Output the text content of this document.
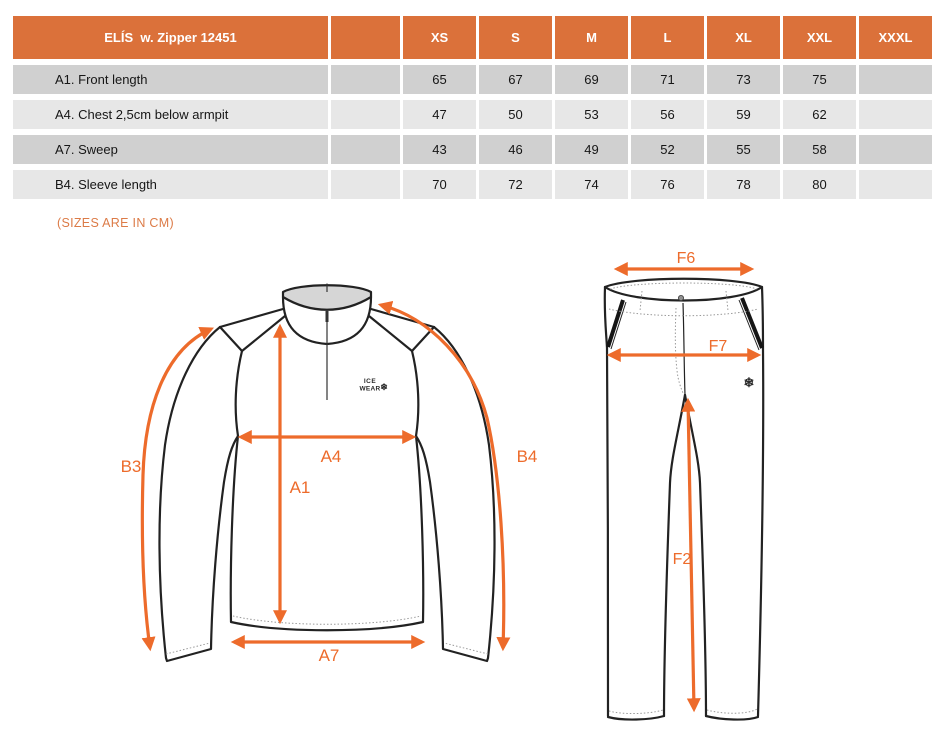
ELÍS  w. Zipper 12451		XS	S	M	L	XL	XXL	XXXL
A1. Front length		65	67	69	71	73	75	
A4. Chest 2,5cm below armpit		47	50	53	56	59	62	
A7. Sweep		43	46	49	52	55	58	
B4. Sleeve length		70	72	74	76	78	80	
(SIZES ARE IN CM)
ICE
WEAR ❄
B3
A4
A1
A7
B4
❄
F6
F7
F2
